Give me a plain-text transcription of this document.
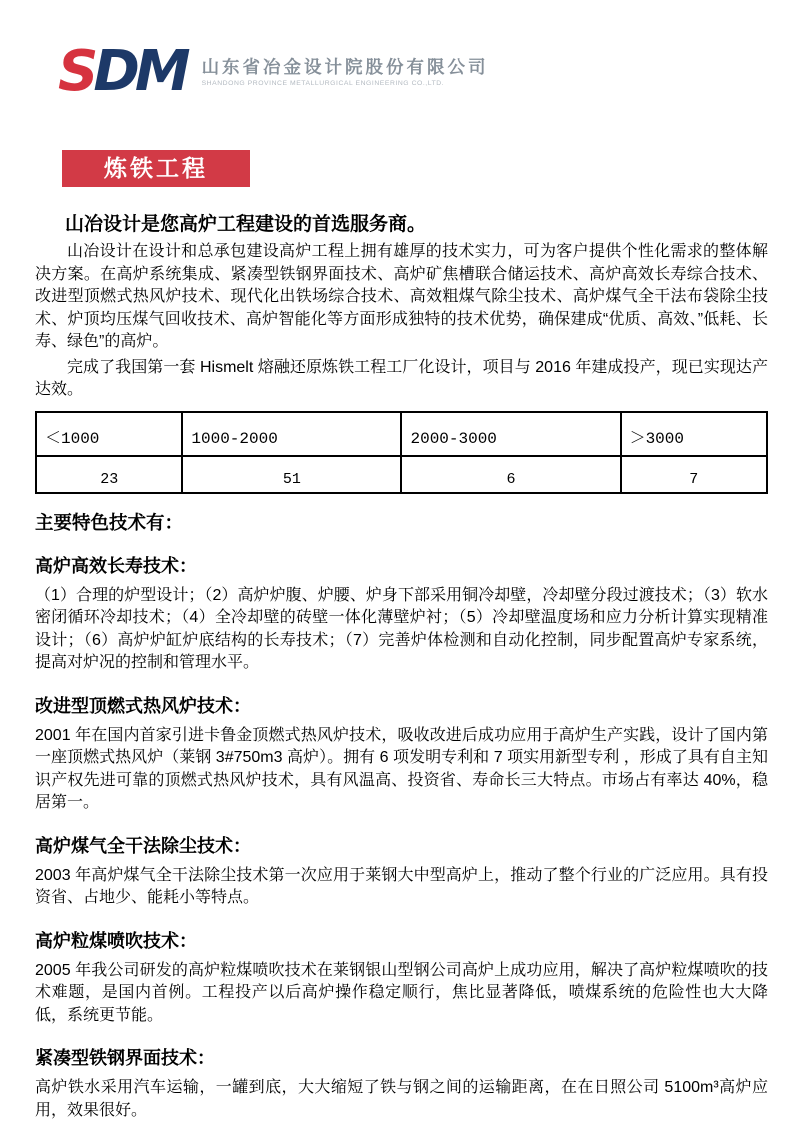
SDM 山东省冶金设计院股份有限公司
SHANDONG PROVINCE METALLURGICAL ENGINEERING CO.,LTD.
炼铁工程
山冶设计是您高炉工程建设的首选服务商。

山冶设计在设计和总承包建设高炉工程上拥有雄厚的技术实力，可为客户提供个性化需求的整体解决方案。在高炉系统集成、紧凑型铁钢界面技术、高炉矿焦槽联合储运技术、高炉高效长寿综合技术、改进型顶燃式热风炉技术、现代化出铁场综合技术、高效粗煤气除尘技术、高炉煤气全干法布袋除尘技术、炉顶均压煤气回收技术、高炉智能化等方面形成独特的技术优势，确保建成“优质、高效、”低耗、长寿、绿色”的高炉。

完成了我国第一套 Hismelt 熔融还原炼铁工程工厂化设计，项目与 2016 年建成投产，现已实现达产达效。

＜1000	1000-2000	2000-3000	＞3000
23	51	6	7
主要特色技术有：
高炉高效长寿技术：

（1）合理的炉型设计；（2）高炉炉腹、炉腰、炉身下部采用铜冷却壁，冷却壁分段过渡技术；（3）软水密闭循环冷却技术；（4）全冷却壁的砖壁一体化薄壁炉衬；（5）冷却壁温度场和应力分析计算实现精准设计；（6）高炉炉缸炉底结构的长寿技术；（7）完善炉体检测和自动化控制，同步配置高炉专家系统，提高对炉况的控制和管理水平。

改进型顶燃式热风炉技术：

2001 年在国内首家引进卡鲁金顶燃式热风炉技术，吸收改进后成功应用于高炉生产实践，设计了国内第一座顶燃式热风炉（莱钢 3#750m3 高炉）。拥有 6 项发明专利和 7 项实用新型专利 ，形成了具有自主知识产权先进可靠的顶燃式热风炉技术，具有风温高、投资省、寿命长三大特点。市场占有率达 40%，稳居第一。

高炉煤气全干法除尘技术：

2003 年高炉煤气全干法除尘技术第一次应用于莱钢大中型高炉上，推动了整个行业的广泛应用。具有投资省、占地少、能耗小等特点。

高炉粒煤喷吹技术：

2005 年我公司研发的高炉粒煤喷吹技术在莱钢银山型钢公司高炉上成功应用，解决了高炉粒煤喷吹的技术难题，是国内首例。工程投产以后高炉操作稳定顺行，焦比显著降低，喷煤系统的危险性也大大降低，系统更节能。

紧凑型铁钢界面技术：

高炉铁水采用汽车运输，一罐到底，大大缩短了铁与钢之间的运输距离，在在日照公司 5100m³高炉应用，效果很好。
